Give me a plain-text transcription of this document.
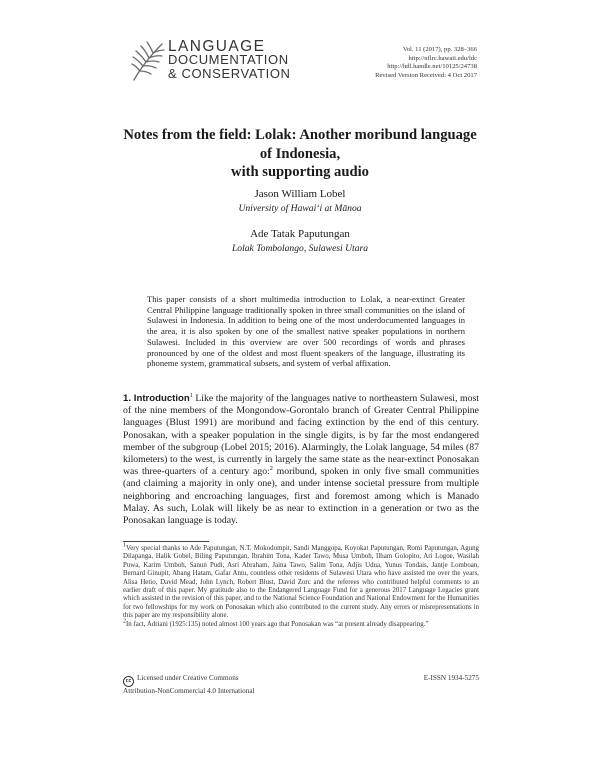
LANGUAGE
DOCUMENTATION
& CONSERVATION
Vol. 11 (2017), pp. 328–366
http://nflrc.hawaii.edu/ldc
http://hdl.handle.net/10125/24738
Revised Version Received: 4 Oct 2017
Notes from the field: Lolak: Another moribund language
of Indonesia,
with supporting audio
Jason William Lobel
University of Hawai‘i at Mānoa
Ade Tatak Paputungan
Lolak Tombolango, Sulawesi Utara
This paper consists of a short multimedia introduction to Lolak, a near-extinct Greater Central Philippine language traditionally spoken in three small communities on the island of Sulawesi in Indonesia. In addition to being one of the most underdocumented languages in the area, it is also spoken by one of the smallest native speaker populations in northern Sulawesi. Included in this overview are over 500 recordings of words and phrases pronounced by one of the oldest and most fluent speakers of the language, illustrating its phoneme system, grammatical subsets, and system of verbal affixation.
1. Introduction$^1$ Like the majority of the languages native to northeastern Sulawesi, most of the nine members of the Mongondow-Gorontalo branch of Greater Central Philippine languages (Blust 1991) are moribund and facing extinction by the end of this century. Ponosakan, with a speaker population in the single digits, is by far the most endangered member of the subgroup (Lobel 2015; 2016). Alarmingly, the Lolak language, 54 miles (87 kilometers) to the west, is currently in largely the same state as the near-extinct Ponosakan was three-quarters of a century ago:$^2$ moribund, spoken in only five small communities (and claiming a majority in only one), and under intense societal pressure from multiple neighboring and encroaching languages, first and foremost among which is Manado Malay. As such, Lolak will likely be as near to extinction in a generation or two as the Ponosakan language is today.

$^1$Very special thanks to Ade Paputungan, N.T. Mokodompit, Sandi Manggopa, Koyokat Paputungan, Romi Paputungan, Agung Dilapanga, Halik Gobel, Biling Paputungan, Ibrahim Tona, Kader Tawo, Musa Umboh, Ilham Golopito, Ari Logoe, Wasilah Puwa, Karim Umboh, Sanun Pudi, Asri Abraham, Jaina Tawo, Salim Tona, Adjis Udua, Yunus Tondais, Jantje Lomboan, Bernard Ginupit, Abang Hatam, Gafar Antu, countless other residents of Sulawesi Utara who have assisted me over the years, Alisa Hetio, David Mead, John Lynch, Robert Blust, David Zorc and the referees who contributed helpful comments to an earlier draft of this paper. My gratitude also to the Endangered Language Fund for a generous 2017 Language Legacies grant which assisted in the revision of this paper, and to the National Science Foundation and National Endowment for the Humanities for two fellowships for my work on Ponosakan which also contributed to the current study. Any errors or misrepresentations in this paper are my responsibility alone.

$^2$In fact, Adriani (1925:135) noted almost 100 years ago that Ponosakan was “at present already disappearing.”

cc Licensed under Creative Commons
Attribution-NonCommercial 4.0 International
E-ISSN 1934-5275
